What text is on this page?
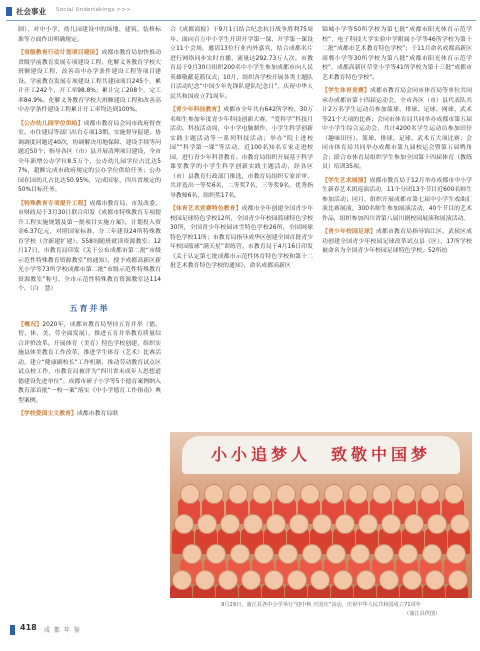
社会事业 Social Undertakings >>>

制），对中小学、幼儿园建设中的场地、建筑、装修标准等方面作出明确规定。

【省级教育行动计划项目建设】成都市教育局加快推动省级学前教育发展专项建设工程、化解义务教育学校大班额建设工程、改善高中办学条件建设工程等项目建设。学前教育发展专项建设工程共建园项目245个，累计开工242个，开工率98.8%；累计完工208个，完工率84.9%。化解义务教育学校大班额建设工程和改善高中办学条件建设工程累计开工率均达到100%。

【公办幼儿园学位供给】成都市教育局会同市政府督查室、市住建局等部门出台专项13期，实施督导促建，协调调度问题近40次，协调解决用地保障、建设手续等问题近50个；指导各区（市）县开展清理项目建设，全市全年新增公办学位8.5万个，公办幼儿园学位占比达57%，超额完成市政府规定的公办学位供给任务；公办园在园幼儿占比达50.95%，完成国家、四川省规定的50%目标任务。

【特殊教育专项提升工程】成都市教育局、市发改委、市财政局于3月30日联合印发《成都市特殊教育专项提升工程实施规划及第一批项目实施方案》，计划投入资金6.37亿元，对照国家标准，分三年建设24所特殊教育学校（含新建扩建）。558间随班就读资源教室；12月17日，市教育局印发《关于公布成都市第二批“市级示范性特殊教育资源教室”的通知》，授予成都高新区新光小学等73所学校成都市第二批“市级示范性特殊教育资源教室”称号，全市示范性特殊教育资源教室达114个。（白　慧）

五育并举

【概况】2020年，成都市教育局坚持五育并举（德、智、体、美、劳全面发展），推进五育并举教育质量综合评价改革。开展体育（美育）特色学校创建，组织实施县体美教育工作改革，推进学生体育（艺术）比赛活动，建立“健康副校长”工作机制，推动劳动教育试点区试点校工作，市教育局被评为“四川省未成年人思想道德建设先进单位”。成都市研子小学等5个德育案例纳入教育部首批“一校一案”落实《中小学德育工作指南》典型案例。

【学校爱国主义教育】成都市教育局联

合《成都商报》于9月1日结合纪念抗日战争胜利75周年、面向百万中小学生开讲开学第一课，开学第一课设立11个会场，邀请13位行业内外嘉宾，结合成都名片进行网络同步实时直播，流量达292.73万人次。市教育局于9月30日组织200名中小学生参加成都市向人民英雄敬献花篮仪式；10月，组织各学校开展各类主题队日活动纪念“中国少年先锋队建队纪念日”，庆祝中华人民共和国成立71周年。

【青少年科技教育】成都市全年共有642所学校、30万名师生参加年度青少年科技创新大赛，“爱科学”科技月活动、科技活动周，中小学电脑制作，小学生科学创新实践主题活动等一系列科技活动；举办“院士进校园”“科学第一课”等活动，近100名知名专家走进校园，进行青少年科普教育。市教育局组织开展基于科学课堂教学的小学生科学创新实践主题活动，经各区（市）县教育行政部门推选，市教育局组织专家评审，共评选出一等奖6名，二等奖7名，三等奖9名，优秀指导教师6名，组织奖17名。

【体育艺术竞赛特色教育】成都市全年创建全国青少年校园足球特色学校12所，全国青少年校园篮球特色学校30所，全国青少年校园冰雪特色学校26所，全国网球特色学校11所；市教育局指导成华区创建全国首批青少年校园篮球“满天星”训练营。市教育局于4月16日印发《关于认定第七批成都市示范性体育特色学校和第十二批艺术教育特色学校的通知》，命名成都高新区

锦城小学等50所学校为第七批“成都市阳光体育示范学校”，电子科技大学实验中学附属小学等46所学校为第十二批“成都市艺术教育特色学校”；于11月命名成都高新区商郫小学等30所学校为第八批“成都市阳光体育示范学校”，成都高新区草堂小学等41所学校为第十三批“成都市艺术教育特色学校”。

【学生体育竞赛】成都市教育局会同市体育局等单位共同承办成都市第十四届运动会，全市各区（市）县代表队共计2万名学生运动员参加篮球、排球、足球、网球、武术等21个大项的比赛；会同市体育局共同举办成都市第五届中小学生综合运动会，共计4200名学生运动员参加田径（趣味田径）、篮球、排球、足球、武术五大项比赛；会同市体育局共同举办成都市第九届校运会暨第五届鸭角会；联合市体育局组织学生参加全国第十四届体育（教练员）培训35项。

【学生艺术展演】成都市教育局于12月举办成都市中小学生新春艺术团巡演活动，11个分团13个节目近600名师生参加活动；同月，组织开展成都市第七届中小学生戏曲汇演比赛展演，300名师生参加展演活动，40个节目的艺术作品，组织参加四川省第八届川剧校园展演和展演活动。

【青少年校园足球】成都市教育局指导锦江区、武侯区成功创建全国青少年校园足球改革试点县（区），17所学校被命名为全国青少年校园足球特色学校，52所幼

小小追梦人　致敬中国梦
9月29日，蒲江县各中小学举行“迎中秋 庆国庆”活动，庆祝中华人民共和国成立71周年
（蒲江县供图）
418 成 都 年 鉴
